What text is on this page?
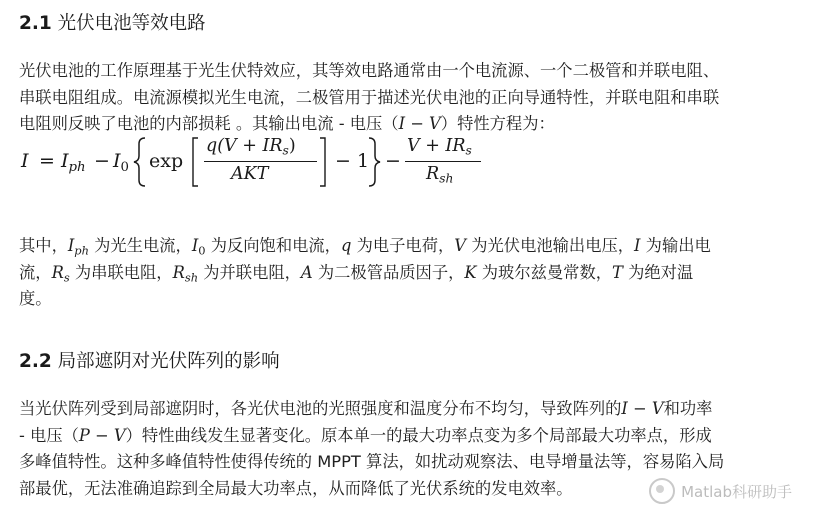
2.1 光伏电池等效电路

光伏电池的工作原理基于光生伏特效应，其等效电路通常由一个电流源、一个二极管和并联电阻、
串联电阻组成。电流源模拟光生电流，二极管用于描述光伏电池的正向导通特性，并联电阻和串联
电阻则反映了电池的内部损耗 。其输出电流 - 电压（I − V）特性方程为：

$I = I_{ph} - I_0$ exp
$q(V + IR_s)$
AKT
− 1 −
$V + IR_s$
$R_{sh}$

其中，$I_{ph}$ 为光生电流，$I_0$ 为反向饱和电流，q 为电子电荷，V 为光伏电池输出电压，I 为输出电
流，$R_s$ 为串联电阻，$R_{sh}$ 为并联电阻，A 为二极管品质因子，K 为玻尔兹曼常数，T 为绝对温
度。

2.2 局部遮阴对光伏阵列的影响

当光伏阵列受到局部遮阴时，各光伏电池的光照强度和温度分布不均匀，导致阵列的I − V和功率
- 电压（P − V）特性曲线发生显著变化。原本单一的最大功率点变为多个局部最大功率点，形成
多峰值特性。这种多峰值特性使得传统的 MPPT 算法，如扰动观察法、电导增量法等，容易陷入局
部最优，无法准确追踪到全局最大功率点，从而降低了光伏系统的发电效率。	Matlab科研助手
